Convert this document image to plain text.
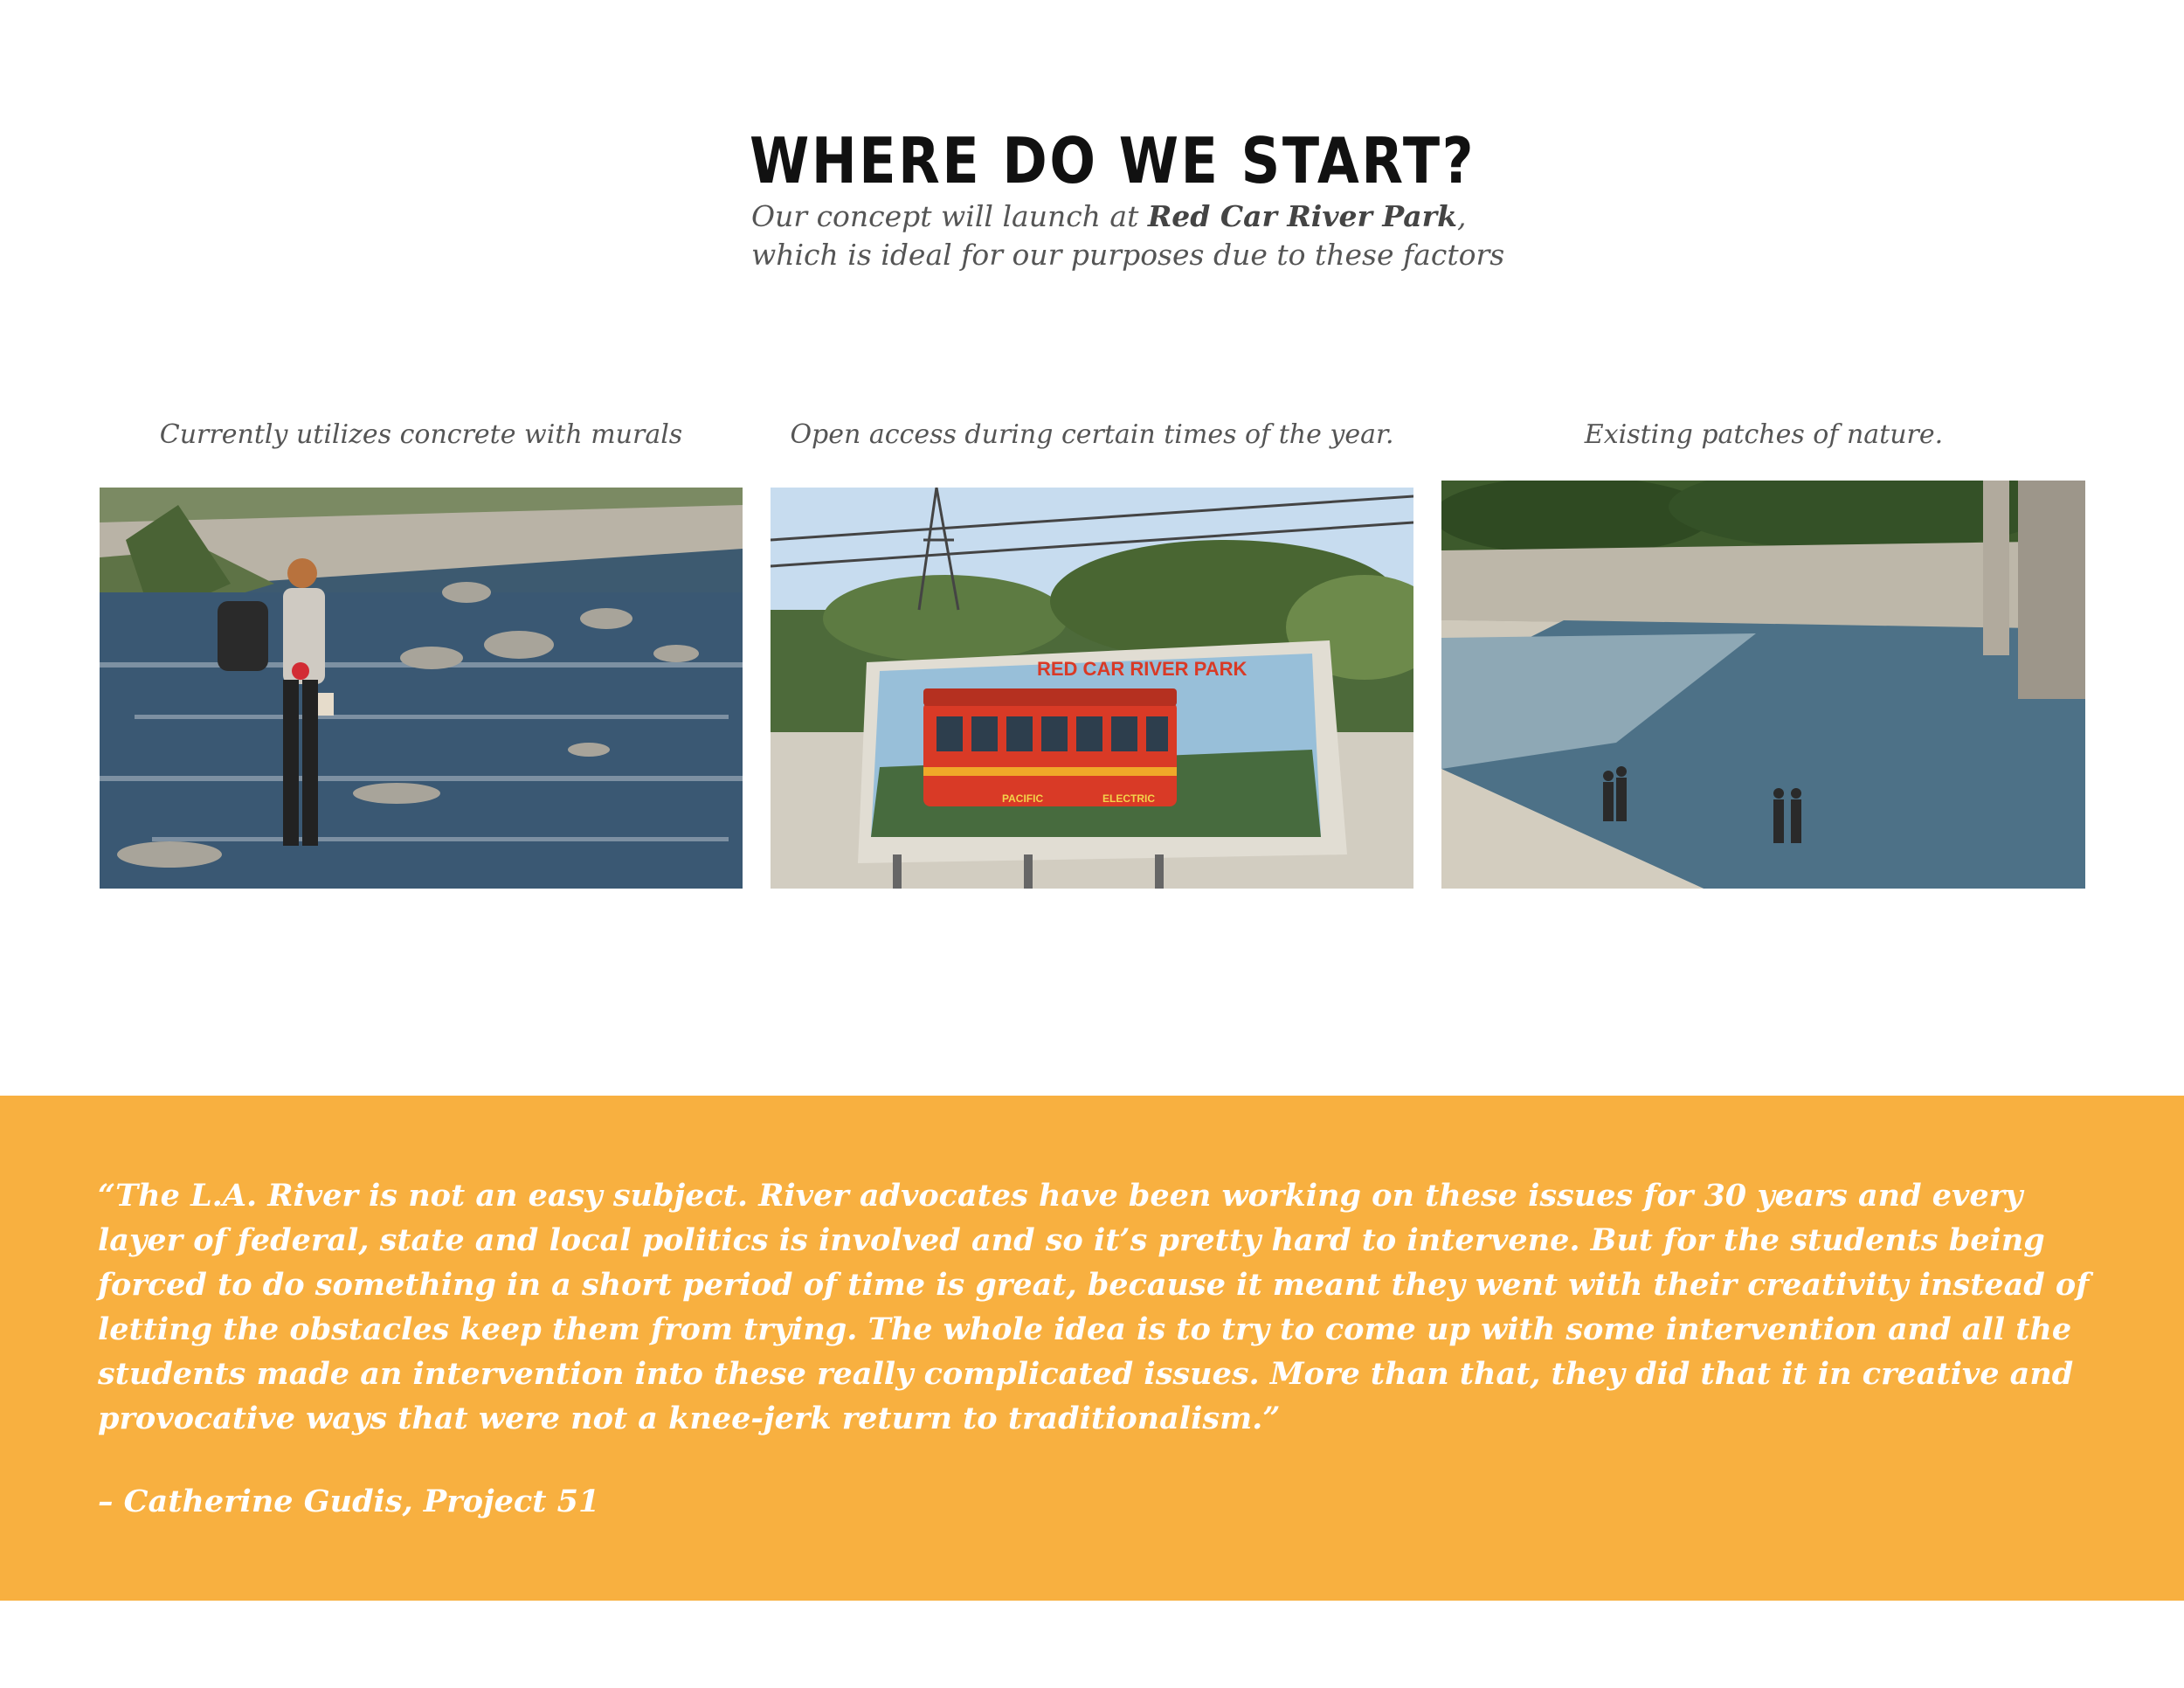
WHERE DO WE START?
Our concept will launch at Red Car River Park,
which is ideal for our purposes due to these factors
Currently utilizes concrete with murals	Open access during certain times of the year.	Existing patches of nature.
PACIFIC	ELECTRIC
RED CAR RIVER PARK

“The L.A. River is not an easy subject. River advocates have been working on these issues for 30 years and every layer of federal, state and local politics is involved and so it’s pretty hard to intervene. But for the students being forced to do something in a short period of time is great, because it meant they went with their creativity instead of letting the obstacles keep them from trying. The whole idea is to try to come up with some intervention and all the students made an intervention into these really complicated issues. More than that, they did that it in creative and provocative ways that were not a knee-jerk return to traditionalism.”

– Catherine Gudis, Project 51
